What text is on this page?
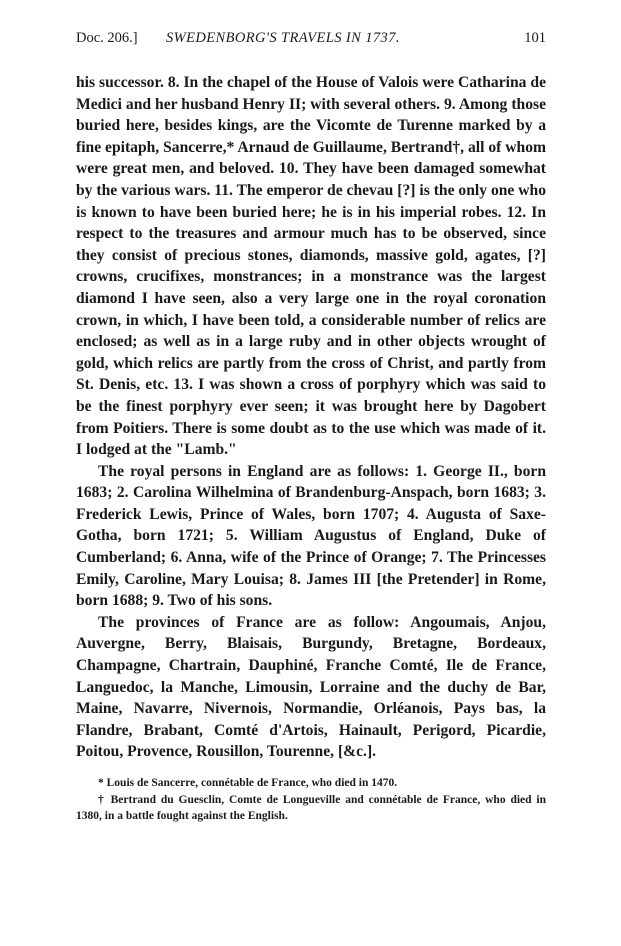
Doc. 206.] SWEDENBORG'S TRAVELS IN 1737.	101

his successor. 8. In the chapel of the House of Valois were Catharina de Medici and her husband Henry II; with several others. 9. Among those buried here, besides kings, are the Vicomte de Turenne marked by a fine epitaph, Sancerre,* Arnaud de Guillaume, Bertrand†, all of whom were great men, and beloved. 10. They have been damaged somewhat by the various wars. 11. The emperor de chevau [?] is the only one who is known to have been buried here; he is in his imperial robes. 12. In respect to the treasures and armour much has to be observed, since they consist of precious stones, diamonds, massive gold, agates, [?] crowns, crucifixes, monstrances; in a monstrance was the largest diamond I have seen, also a very large one in the royal coronation crown, in which, I have been told, a considerable number of relics are enclosed; as well as in a large ruby and in other objects wrought of gold, which relics are partly from the cross of Christ, and partly from St. Denis, etc. 13. I was shown a cross of porphyry which was said to be the finest porphyry ever seen; it was brought here by Dagobert from Poitiers. There is some doubt as to the use which was made of it. I lodged at the "Lamb."

The royal persons in England are as follows: 1. George II., born 1683; 2. Carolina Wilhelmina of Brandenburg-Anspach, born 1683; 3. Frederick Lewis, Prince of Wales, born 1707; 4. Augusta of Saxe-Gotha, born 1721; 5. William Augustus of England, Duke of Cumberland; 6. Anna, wife of the Prince of Orange; 7. The Princesses Emily, Caroline, Mary Louisa; 8. James III [the Pretender] in Rome, born 1688; 9. Two of his sons.

The provinces of France are as follow: Angoumais, Anjou, Auvergne, Berry, Blaisais, Burgundy, Bretagne, Bordeaux, Champagne, Chartrain, Dauphiné, Franche Comté, Ile de France, Languedoc, la Manche, Limousin, Lorraine and the duchy de Bar, Maine, Navarre, Nivernois, Normandie, Orléanois, Pays bas, la Flandre, Brabant, Comté d'Artois, Hainault, Perigord, Picardie, Poitou, Provence, Rousillon, Tourenne, [&c.].

* Louis de Sancerre, connétable de France, who died in 1470.

† Bertrand du Guesclin, Comte de Longueville and connétable de France, who died in 1380, in a battle fought against the English.
